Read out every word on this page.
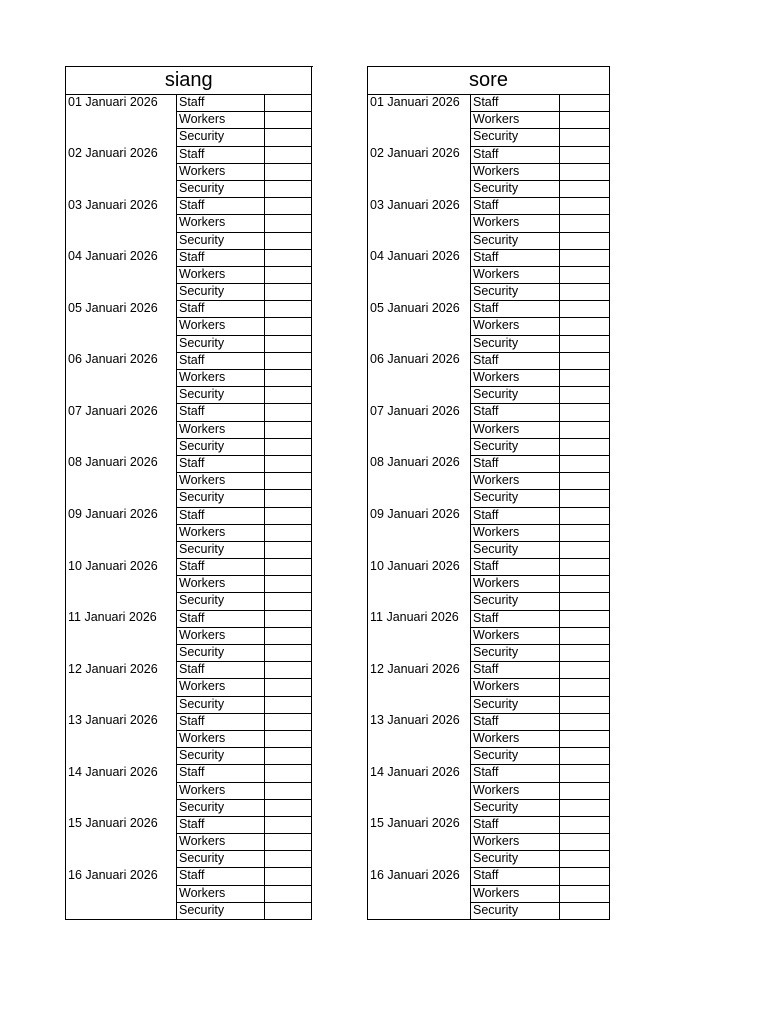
siang		
01 Januari 2026	Staff	
	Workers	
	Security	
02 Januari 2026	Staff	
	Workers	
	Security	
03 Januari 2026	Staff	
	Workers	
	Security	
04 Januari 2026	Staff	
	Workers	
	Security	
05 Januari 2026	Staff	
	Workers	
	Security	
06 Januari 2026	Staff	
	Workers	
	Security	
07 Januari 2026	Staff	
	Workers	
	Security	
08 Januari 2026	Staff	
	Workers	
	Security	
09 Januari 2026	Staff	
	Workers	
	Security	
10 Januari 2026	Staff	
	Workers	
	Security	
11 Januari 2026	Staff	
	Workers	
	Security	
12 Januari 2026	Staff	
	Workers	
	Security	
13 Januari 2026	Staff	
	Workers	
	Security	
14 Januari 2026	Staff	
	Workers	
	Security	
15 Januari 2026	Staff	
	Workers	
	Security	
16 Januari 2026	Staff	
	Workers	
	Security	
sore		
01 Januari 2026	Staff	
	Workers	
	Security	
02 Januari 2026	Staff	
	Workers	
	Security	
03 Januari 2026	Staff	
	Workers	
	Security	
04 Januari 2026	Staff	
	Workers	
	Security	
05 Januari 2026	Staff	
	Workers	
	Security	
06 Januari 2026	Staff	
	Workers	
	Security	
07 Januari 2026	Staff	
	Workers	
	Security	
08 Januari 2026	Staff	
	Workers	
	Security	
09 Januari 2026	Staff	
	Workers	
	Security	
10 Januari 2026	Staff	
	Workers	
	Security	
11 Januari 2026	Staff	
	Workers	
	Security	
12 Januari 2026	Staff	
	Workers	
	Security	
13 Januari 2026	Staff	
	Workers	
	Security	
14 Januari 2026	Staff	
	Workers	
	Security	
15 Januari 2026	Staff	
	Workers	
	Security	
16 Januari 2026	Staff	
	Workers	
	Security	
